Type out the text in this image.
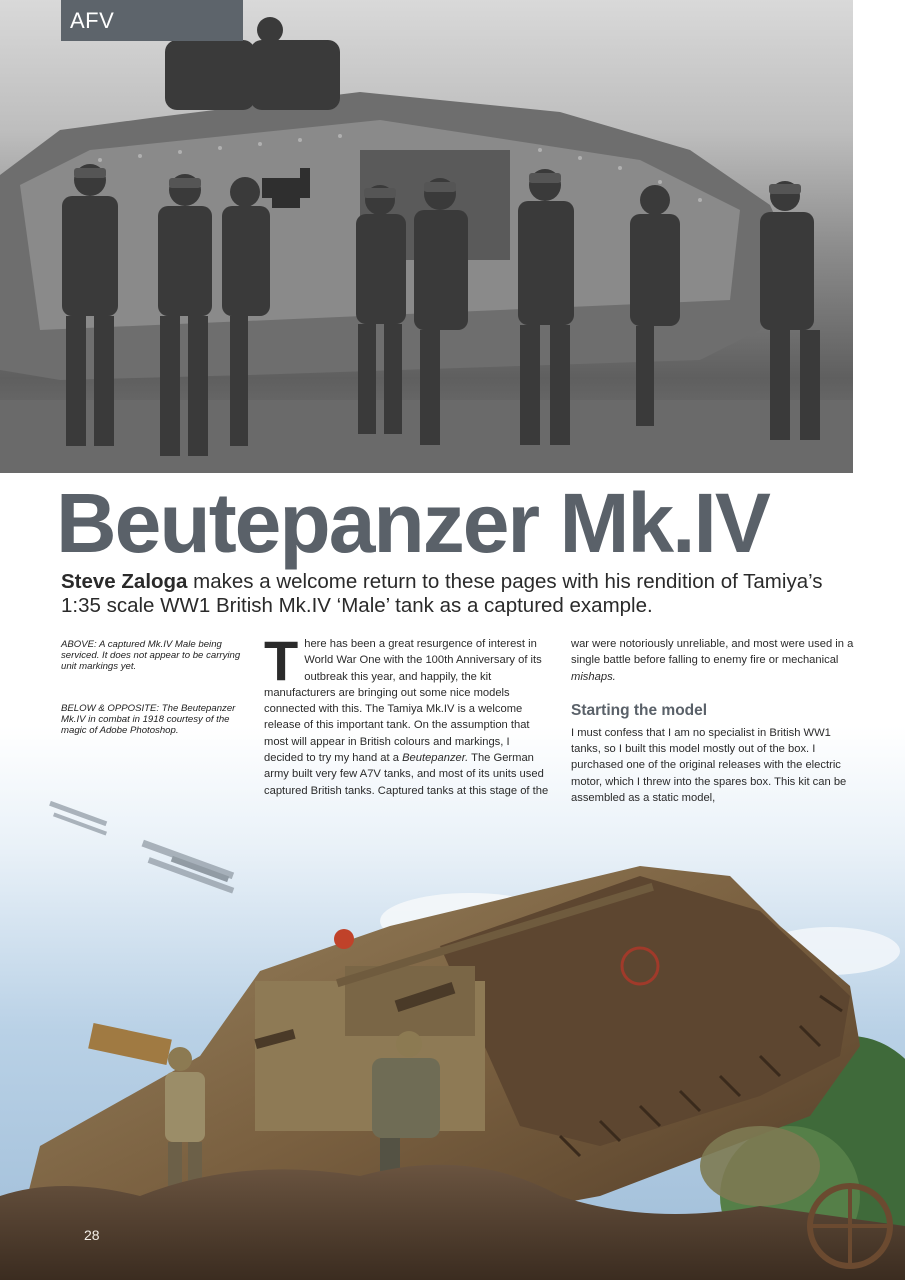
AFV
Beutepanzer Mk.IV
Steve Zaloga makes a welcome return to these pages with his rendition of Tamiya’s 1:35 scale WW1 British Mk.IV ‘Male’ tank as a captured example.
ABOVE: A captured Mk.IV Male being serviced. It does not appear to be carrying unit markings yet.
BELOW & OPPOSITE: The Beutepanzer Mk.IV in combat in 1918 courtesy of the magic of Adobe Photoshop.
There has been a great resurgence of interest in World War One with the 100th Anniversary of its outbreak this year, and happily, the kit manufacturers are bringing out some nice models connected with this. The Tamiya Mk.IV is a welcome release of this important tank. On the assumption that most will appear in British colours and markings, I decided to try my hand at a Beutepanzer. The German army built very few A7V tanks, and most of its units used captured British tanks. Captured tanks at this stage of the
war were notoriously unreliable, and most were used in a single battle before falling to enemy fire or mechanical mishaps.
Starting the model
I must confess that I am no specialist in British WW1 tanks, so I built this model mostly out of the box. I purchased one of the original releases with the electric motor, which I threw into the spares box. This kit can be assembled as a static model,
28
